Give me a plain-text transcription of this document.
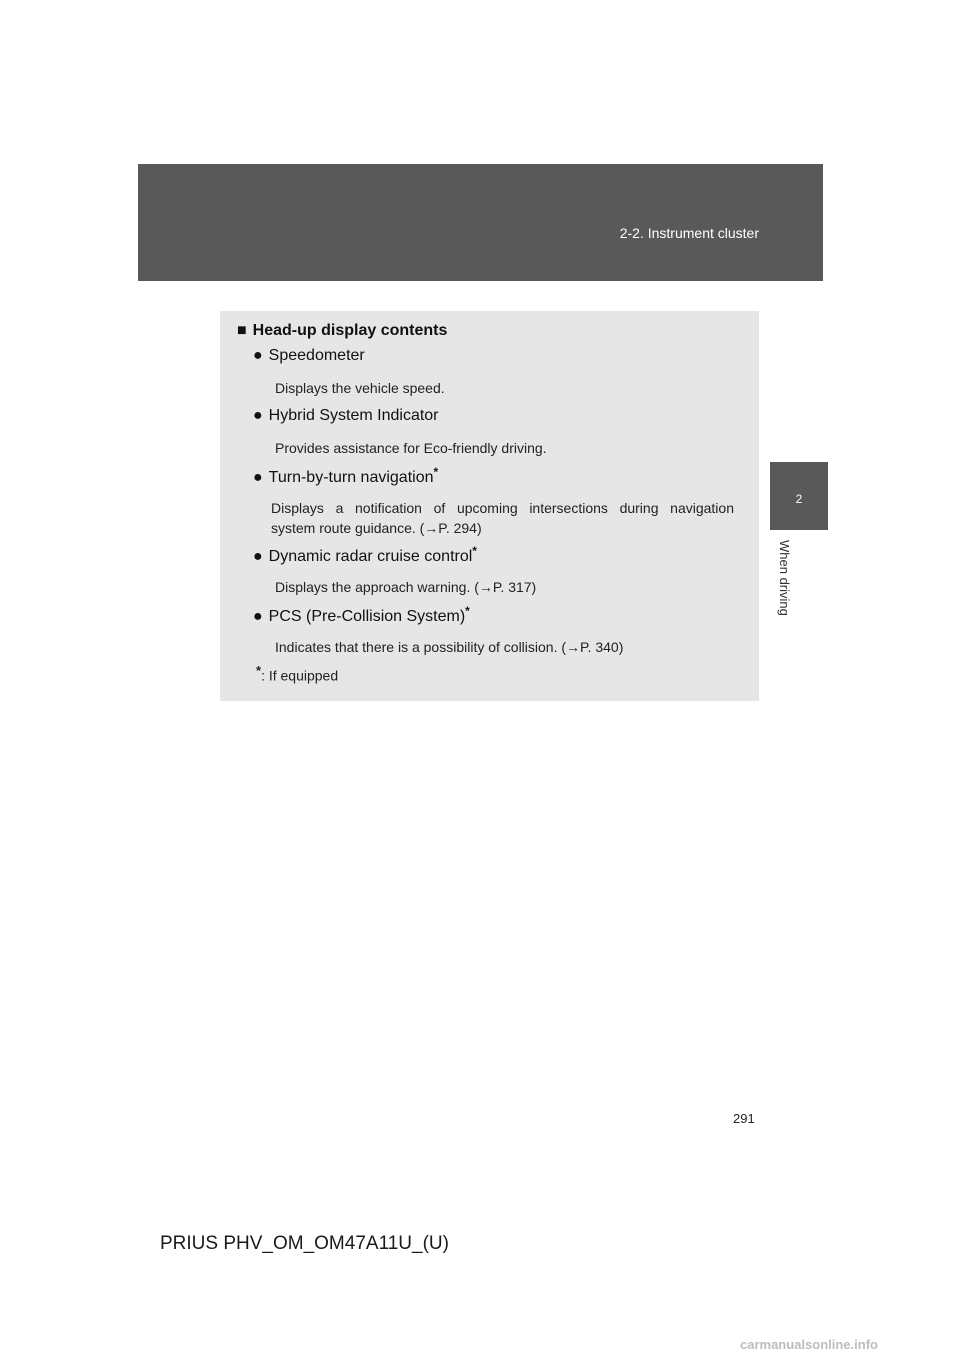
2-2. Instrument cluster
2
When driving
■ Head-up display contents
● Speedometer
Displays the vehicle speed.
● Hybrid System Indicator
Provides assistance for Eco-friendly driving.
● Turn-by-turn navigation*
Displays a notification of upcoming intersections during navigation
system route guidance. (→P. 294)
● Dynamic radar cruise control*
Displays the approach warning. (→P. 317)
● PCS (Pre-Collision System)*
Indicates that there is a possibility of collision. (→P. 340)
*: If equipped
291
PRIUS PHV_OM_OM47A11U_(U)
carmanualsonline.info
